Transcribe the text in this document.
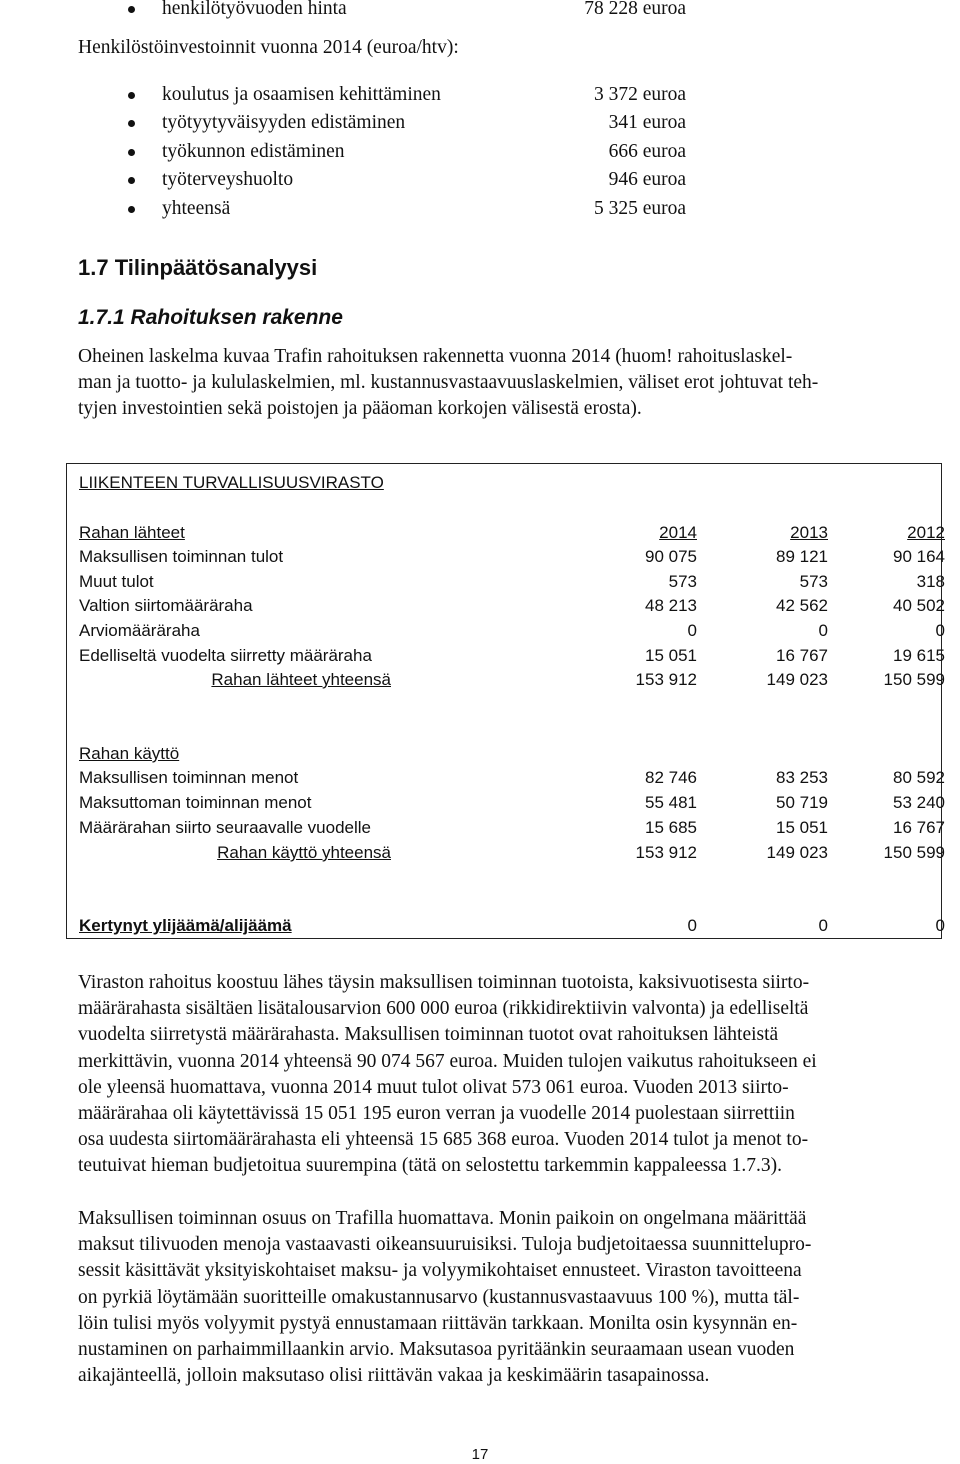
henkilötyövuoden hinta	78 228 euroa
Henkilöstöinvestoinnit vuonna 2014 (euroa/htv):
koulutus ja osaamisen kehittäminen	3 372 euroa
työtyytyväisyyden edistäminen	341 euroa
työkunnon edistäminen	666 euroa
työterveyshuolto	946 euroa
yhteensä	5 325 euroa
1.7 Tilinpäätösanalyysi
1.7.1 Rahoituksen rakenne
Oheinen laskelma kuvaa Trafin rahoituksen rakennetta vuonna 2014 (huom! rahoituslaskel-
man ja tuotto- ja kululaskelmien, ml. kustannusvastaavuuslaskelmien, väliset erot johtuvat teh-
tyjen investointien sekä poistojen ja pääoman korkojen välisestä erosta).
LIIKENTEEN TURVALLISUUSVIRASTO
Rahan lähteet	2014	2013	2012
Maksullisen toiminnan tulot	90 075	89 121	90 164
Muut tulot	573	573	318
Valtion siirtomääräraha	48 213	42 562	40 502
Arviomääräraha	0	0	0
Edelliseltä vuodelta siirretty määräraha	15 051	16 767	19 615
Rahan lähteet yhteensä	153 912	149 023	150 599
Rahan käyttö
Maksullisen toiminnan menot	82 746	83 253	80 592
Maksuttoman toiminnan menot	55 481	50 719	53 240
Määrärahan siirto seuraavalle vuodelle	15 685	15 051	16 767
Rahan käyttö yhteensä	153 912	149 023	150 599
Kertynyt ylijäämä/alijäämä	0	0	0
Viraston rahoitus koostuu lähes täysin maksullisen toiminnan tuotoista, kaksivuotisesta siirto-
määrärahasta sisältäen lisätalousarvion 600 000 euroa (rikkidirektiivin valvonta) ja edelliseltä
vuodelta siirretystä määrärahasta. Maksullisen toiminnan tuotot ovat rahoituksen lähteistä
merkittävin, vuonna 2014 yhteensä 90 074 567 euroa. Muiden tulojen vaikutus rahoitukseen ei
ole yleensä huomattava, vuonna 2014 muut tulot olivat 573 061 euroa. Vuoden 2013 siirto-
määrärahaa oli käytettävissä 15 051 195 euron verran ja vuodelle 2014 puolestaan siirrettiin
osa uudesta siirtomäärärahasta eli yhteensä 15 685 368 euroa. Vuoden 2014 tulot ja menot to-
teutuivat hieman budjetoitua suurempina (tätä on selostettu tarkemmin kappaleessa 1.7.3).
Maksullisen toiminnan osuus on Trafilla huomattava. Monin paikoin on ongelmana määrittää
maksut tilivuoden menoja vastaavasti oikeansuuruisiksi. Tuloja budjetoitaessa suunnittelupro-
sessit käsittävät yksityiskohtaiset maksu- ja volyymikohtaiset ennusteet. Viraston tavoitteena
on pyrkiä löytämään suoritteille omakustannusarvo (kustannusvastaavuus 100 %), mutta täl-
löin tulisi myös volyymit pystyä ennustamaan riittävän tarkkaan. Monilta osin kysynnän en-
nustaminen on parhaimmillaankin arvio. Maksutasoa pyritäänkin seuraamaan usean vuoden
aikajänteellä, jolloin maksutaso olisi riittävän vakaa ja keskimäärin tasapainossa.
17
